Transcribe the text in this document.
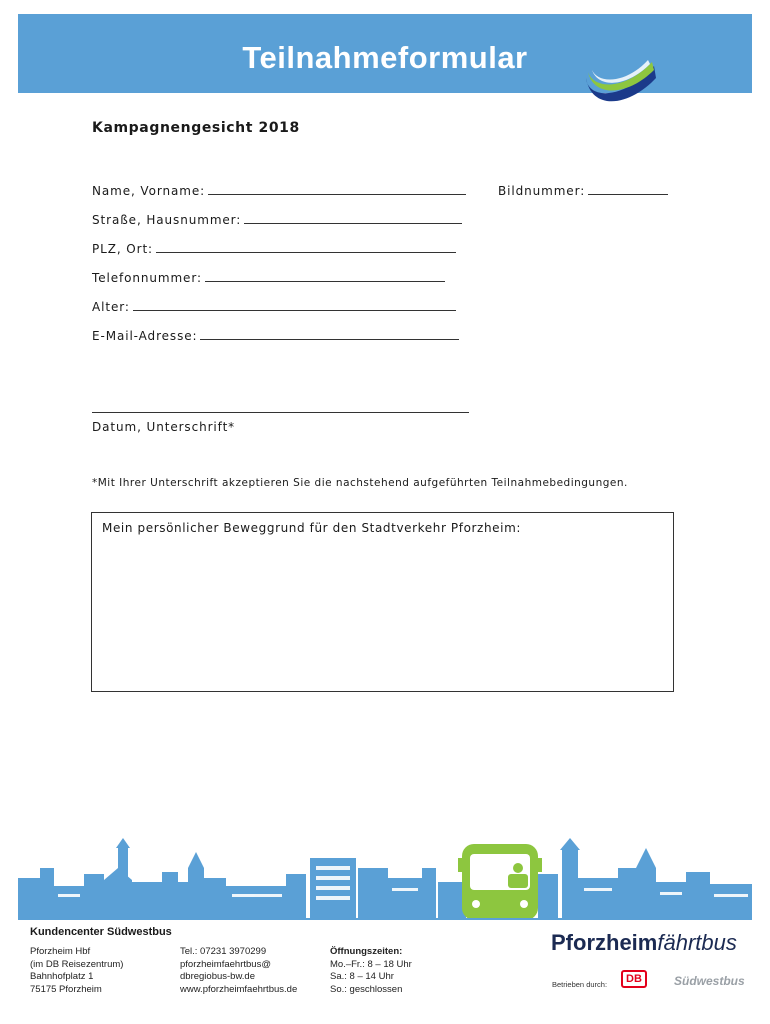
Teilnahmeformular
Kampagnengesicht 2018
Name, Vorname:	Bildnummer:
Straße, Hausnummer:
PLZ, Ort:
Telefonnummer:
Alter:
E-Mail-Adresse:
Datum, Unterschrift*
*Mit Ihrer Unterschrift akzeptieren Sie die nachstehend aufgeführten Teilnahmebedingungen.
Mein persönlicher Beweggrund für den Stadtverkehr Pforzheim:
Kundencenter Südwestbus
Pforzheim Hbf
(im DB Reisezentrum)
Bahnhofplatz 1
75175 Pforzheim
Tel.: 07231 3970299
pforzheimfaehrtbus@
dbregiobus-bw.de
www.pforzheimfaehrtbus.de
Öffnungszeiten:
Mo.–Fr.: 8 – 18 Uhr
Sa.: 8 – 14 Uhr
So.: geschlossen
Pforzheimfährtbus
Betrieben durch:	DB	Südwestbus
